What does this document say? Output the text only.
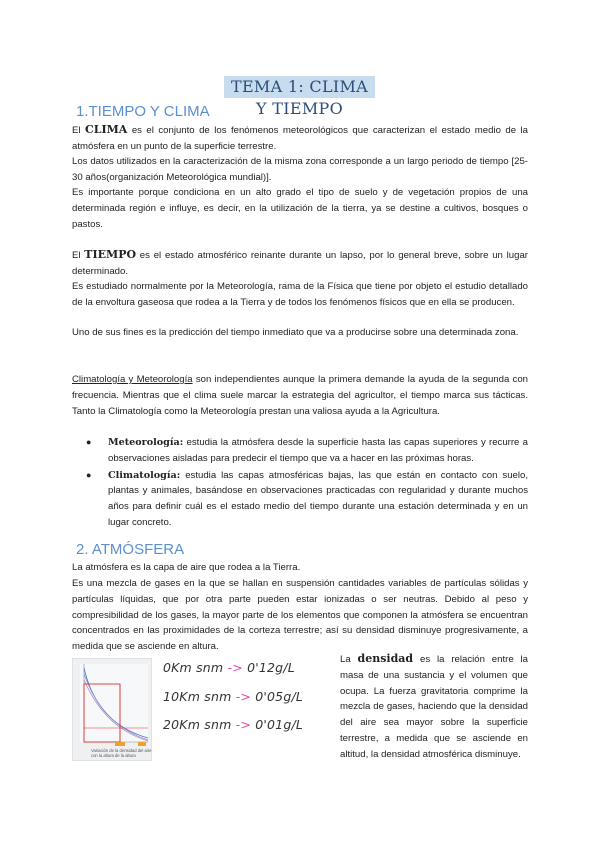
TEMA 1: CLIMA Y TIEMPO
1.TIEMPO Y CLIMA

El CLIMA es el conjunto de los fenómenos meteorológicos que caracterizan el estado medio de la atmósfera en un punto de la superficie terrestre.

Los datos utilizados en la caracterización de la misma zona corresponde a un largo periodo de tiempo [25-30 años(organización Meteorológica mundial)].

Es importante porque condiciona en un alto grado el tipo de suelo y de vegetación propios de una determinada región e influye, es decir, en la utilización de la tierra, ya se destine a cultivos, bosques o pastos.

El TIEMPO es el estado atmosférico reinante durante un lapso, por lo general breve, sobre un lugar determinado.

Es estudiado normalmente por la Meteorología, rama de la Física que tiene por objeto el estudio detallado de la envoltura gaseosa que rodea a la Tierra y de todos los fenómenos físicos que en ella se producen.

Uno de sus fines es la predicción del tiempo inmediato que va a producirse sobre una determinada zona.

Climatología y Meteorología son independientes aunque la primera demande la ayuda de la segunda con frecuencia. Mientras que el clima suele marcar la estrategia del agricultor, el tiempo marca sus tácticas. Tanto la Climatología como la Meteorología prestan una valiosa ayuda a la Agricultura.

● Meteorología: estudia la atmósfera desde la superficie hasta las capas superiores y recurre a observaciones aisladas para predecir el tiempo que va a hacer en las próximas horas.
● Climatología: estudia las capas atmosféricas bajas, las que están en contacto con suelo, plantas y animales, basándose en observaciones practicadas con regularidad y durante muchos años para definir cuál es el estado medio del tiempo durante una estación determinada y en un lugar concreto.
2. ATMÓSFERA

La atmósfera es la capa de aire que rodea a la Tierra.

Es una mezcla de gases en la que se hallan en suspensión cantidades variables de partículas sólidas y partículas líquidas, que por otra parte pueden estar ionizadas o ser neutras. Debido al peso y compresibilidad de los gases, la mayor parte de los elementos que componen la atmósfera se encuentran concentrados en las proximidades de la corteza terrestre; así su densidad disminuye progresivamente, a medida que se asciende en altura.

Variación de la densidad del aire con la altura de la altura
0Km snm -> 0'12g/L
10Km snm -> 0'05g/L
20Km snm -> 0'01g/L

La densidad es la relación entre la masa de una sustancia y el volumen que ocupa. La fuerza gravitatoria comprime la mezcla de gases, haciendo que la densidad del aire sea mayor sobre la superficie terrestre, a medida que se asciende en altitud, la densidad atmosférica disminuye.
